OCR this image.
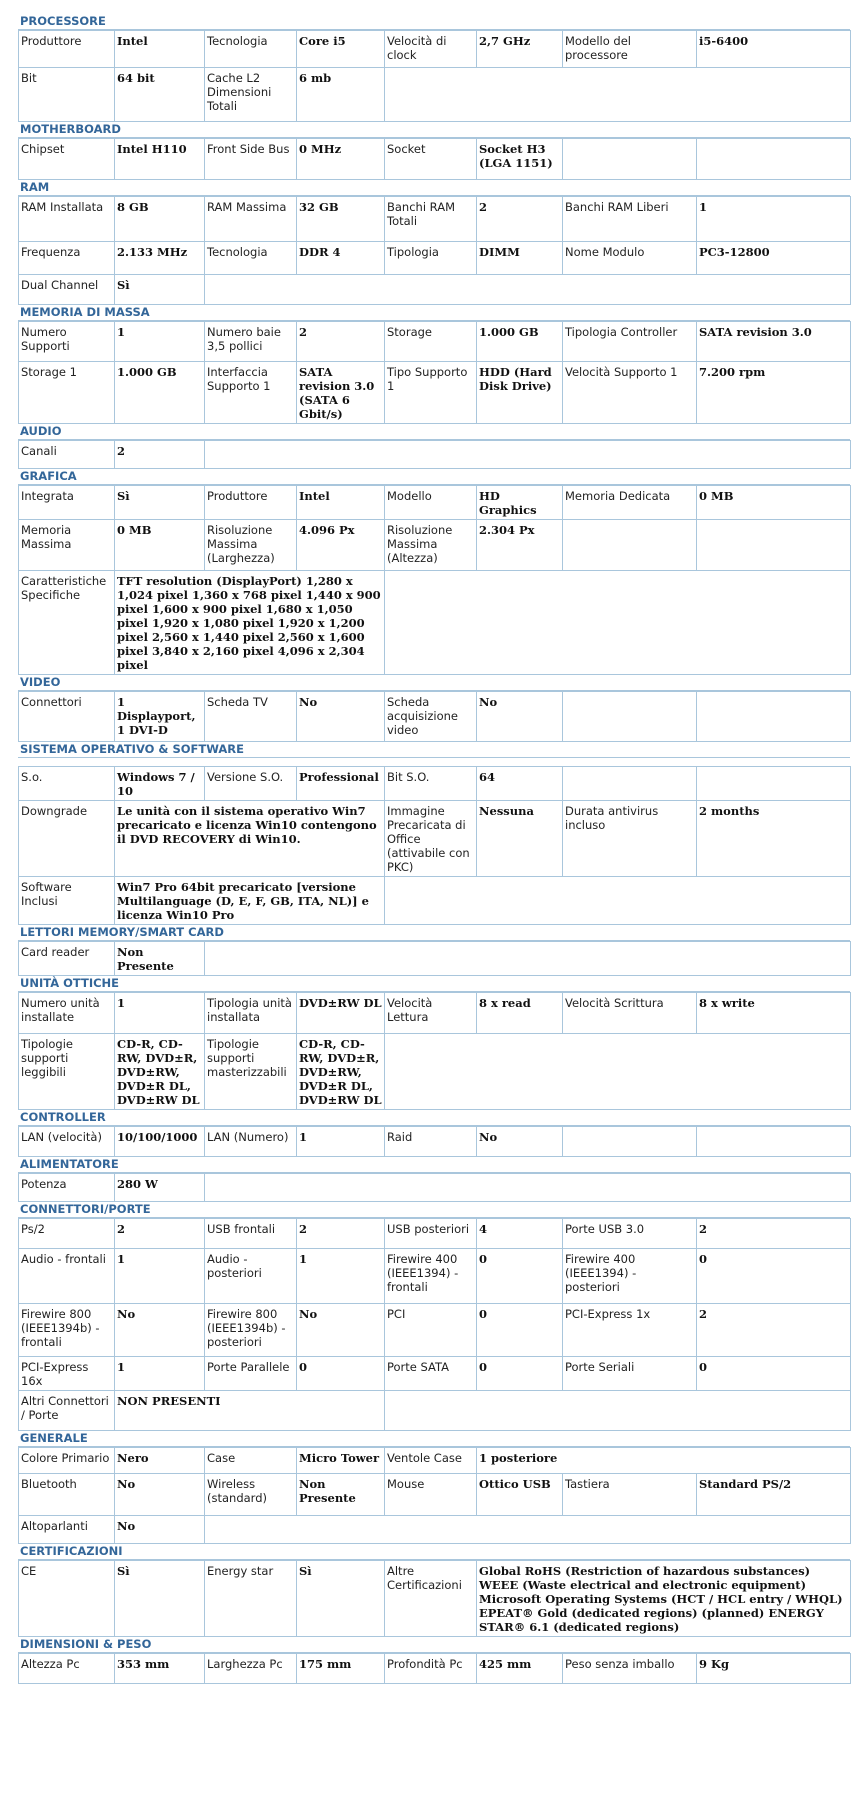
PROCESSORE
Produttore	Intel	Tecnologia	Core i5	Velocità di clock	2,7 GHz	Modello del processore	i5-6400
Bit	64 bit	Cache L2 Dimensioni Totali	6 mb				
MOTHERBOARD
Chipset	Intel H110	Front Side Bus	0 MHz	Socket	Socket H3 (LGA 1151)		
RAM
RAM Installata	8 GB	RAM Massima	32 GB	Banchi RAM Totali	2	Banchi RAM Liberi	1
Frequenza	2.133 MHz	Tecnologia	DDR 4	Tipologia	DIMM	Nome Modulo	PC3-12800
Dual Channel	Sì						
MEMORIA DI MASSA
Numero Supporti	1	Numero baie 3,5 pollici	2	Storage	1.000 GB	Tipologia Controller	SATA revision 3.0
Storage 1	1.000 GB	Interfaccia Supporto 1	SATA revision 3.0 (SATA 6 Gbit/s)	Tipo Supporto 1	HDD (Hard Disk Drive)	Velocità Supporto 1	7.200 rpm
AUDIO
Canali	2	
GRAFICA
Integrata	Sì	Produttore	Intel	Modello	HD Graphics	Memoria Dedicata	0 MB
Memoria Massima	0 MB	Risoluzione Massima (Larghezza)	4.096 Px	Risoluzione Massima (Altezza)	2.304 Px		
Caratteristiche Specifiche	TFT resolution (DisplayPort) 1,280 x 1,024 pixel 1,360 x 768 pixel 1,440 x 900 pixel 1,600 x 900 pixel 1,680 x 1,050 pixel 1,920 x 1,080 pixel 1,920 x 1,200 pixel 2,560 x 1,440 pixel 2,560 x 1,600 pixel 3,840 x 2,160 pixel 4,096 x 2,304 pixel						
VIDEO
Connettori	1 Displayport, 1 DVI-D	Scheda TV	No	Scheda acquisizione video	No		
SISTEMA OPERATIVO & SOFTWARE
S.o.	Windows 7 / 10	Versione S.O.	Professional	Bit S.O.	64		
Downgrade	Le unità con il sistema operativo Win7 precaricato e licenza Win10 contengono il DVD RECOVERY di Win10.			Immagine Precaricata di Office (attivabile con PKC)	Nessuna	Durata antivirus incluso	2 months
Software Inclusi	Win7 Pro 64bit precaricato [versione Multilanguage (D, E, F, GB, ITA, NL)] e licenza Win10 Pro						
LETTORI MEMORY/SMART CARD
Card reader	Non Presente	
UNITÀ OTTICHE
Numero unità installate	1	Tipologia unità installata	DVD±RW DL	Velocità Lettura	8 x read	Velocità Scrittura	8 x write
Tipologie supporti leggibili	CD-R, CD-RW, DVD±R, DVD±RW, DVD±R DL, DVD±RW DL	Tipologie supporti masterizzabili	CD-R, CD-RW, DVD±R, DVD±RW, DVD±R DL, DVD±RW DL				
CONTROLLER
LAN (velocità)	10/100/1000	LAN (Numero)	1	Raid	No		
ALIMENTATORE
Potenza	280 W	
CONNETTORI/PORTE
Ps/2	2	USB frontali	2	USB posteriori	4	Porte USB 3.0	2
Audio - frontali	1	Audio - posteriori	1	Firewire 400 (IEEE1394) - frontali	0	Firewire 400 (IEEE1394) - posteriori	0
Firewire 800 (IEEE1394b) - frontali	No	Firewire 800 (IEEE1394b) - posteriori	No	PCI	0	PCI-Express 1x	2
PCI-Express 16x	1	Porte Parallele	0	Porte SATA	0	Porte Seriali	0
Altri Connettori / Porte	NON PRESENTI						
GENERALE
Colore Primario	Nero	Case	Micro Tower	Ventole Case	1 posteriore		
Bluetooth	No	Wireless (standard)	Non Presente	Mouse	Ottico USB	Tastiera	Standard PS/2
Altoparlanti	No						
CERTIFICAZIONI
CE	Sì	Energy star	Sì	Altre Certificazioni	Global RoHS (Restriction of hazardous substances) WEEE (Waste electrical and electronic equipment) Microsoft Operating Systems (HCT / HCL entry / WHQL) EPEAT® Gold (dedicated regions) (planned) ENERGY STAR® 6.1 (dedicated regions)
DIMENSIONI & PESO
Altezza Pc	353 mm	Larghezza Pc	175 mm	Profondità Pc	425 mm	Peso senza imballo	9 Kg
